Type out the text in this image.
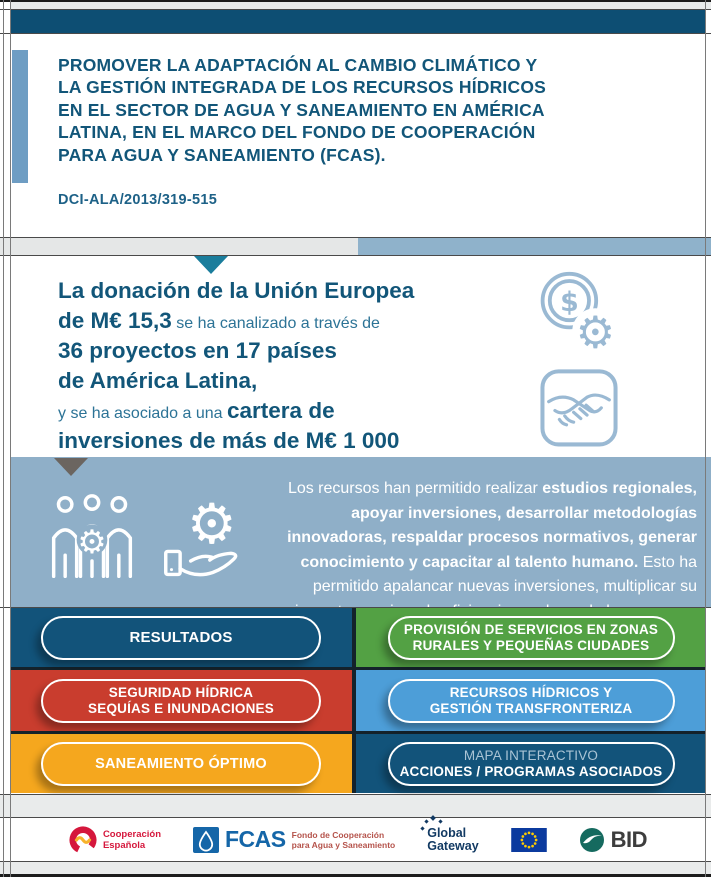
PROMOVER LA ADAPTACIÓN AL CAMBIO CLIMÁTICO Y
LA GESTIÓN INTEGRADA DE LOS RECURSOS HÍDRICOS
EN EL SECTOR DE AGUA Y SANEAMIENTO EN AMÉRICA
LATINA, EN EL MARCO DEL FONDO DE COOPERACIÓN
PARA AGUA Y SANEAMIENTO (FCAS).
DCI-ALA/2013/319-515
La donación de la Unión Europea
de M€ 15,3 se ha canalizado a través de
36 proyectos en 17 países
de América Latina,
y se ha asociado a una cartera de
inversiones de más de M€ 1 000
$
⚙
Los recursos han permitido realizar estudios regionales,
apoyar inversiones, desarrollar metodologías
innovadoras, respaldar procesos normativos, generar
conocimiento y capacitar al talento humano. Esto ha
permitido apalancar nuevas inversiones, multiplicar su
⚙ ⚙
RESULTADOS	PROVISIÓN DE SERVICIOS EN ZONAS
RURALES Y PEQUEÑAS CIUDADES
SEGURIDAD HÍDRICA
SEQUÍAS E INUNDACIONES
RECURSOS HÍDRICOS Y
GESTIÓN TRANSFRONTERIZA
SANEAMIENTO ÓPTIMO
MAPA INTERACTIVO
ACCIONES / PROGRAMAS ASOCIADOS
Cooperación
Española	FCAS Fondo de Cooperación
para Agua y Saneamiento
Global
Gateway	BID
